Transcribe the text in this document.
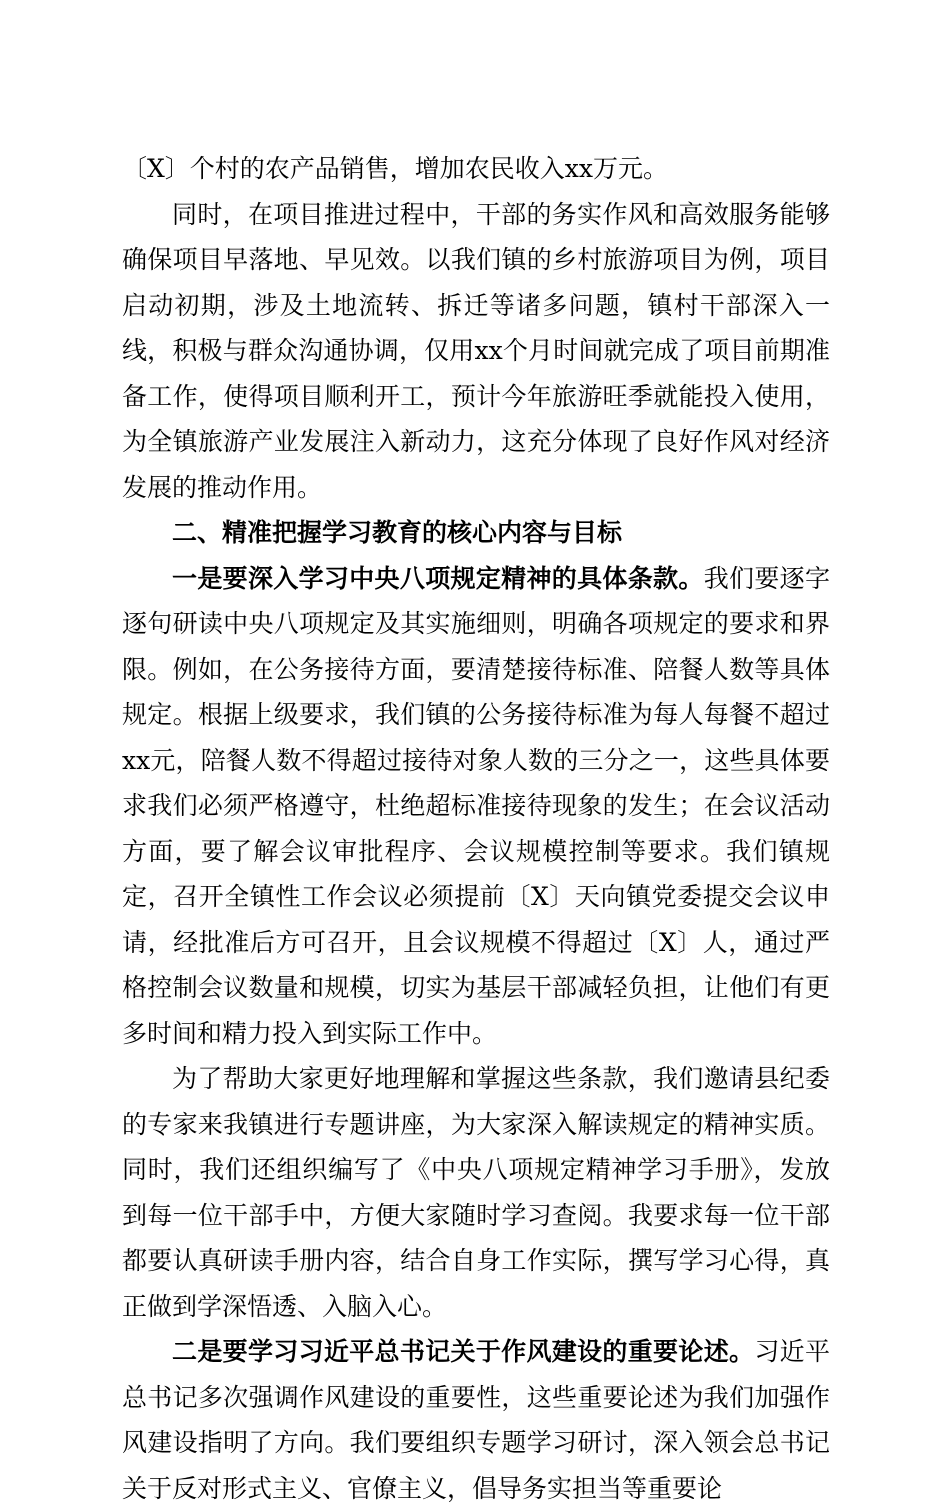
〔X〕个村的农产品销售，增加农民收入xx万元。

同时，在项目推进过程中，干部的务实作风和高效服务能够确保项目早落地、早见效。以我们镇的乡村旅游项目为例，项目启动初期，涉及土地流转、拆迁等诸多问题，镇村干部深入一线，积极与群众沟通协调，仅用xx个月时间就完成了项目前期准备工作，使得项目顺利开工，预计今年旅游旺季就能投入使用，为全镇旅游产业发展注入新动力，这充分体现了良好作风对经济发展的推动作用。

二、精准把握学习教育的核心内容与目标

一是要深入学习中央八项规定精神的具体条款。我们要逐字逐句研读中央八项规定及其实施细则，明确各项规定的要求和界限。例如，在公务接待方面，要清楚接待标准、陪餐人数等具体规定。根据上级要求，我们镇的公务接待标准为每人每餐不超过xx元，陪餐人数不得超过接待对象人数的三分之一，这些具体要求我们必须严格遵守，杜绝超标准接待现象的发生；在会议活动方面，要了解会议审批程序、会议规模控制等要求。我们镇规定，召开全镇性工作会议必须提前〔X〕天向镇党委提交会议申请，经批准后方可召开，且会议规模不得超过〔X〕人，通过严格控制会议数量和规模，切实为基层干部减轻负担，让他们有更多时间和精力投入到实际工作中。

为了帮助大家更好地理解和掌握这些条款，我们邀请县纪委的专家来我镇进行专题讲座，为大家深入解读规定的精神实质。同时，我们还组织编写了《中央八项规定精神学习手册》，发放到每一位干部手中，方便大家随时学习查阅。我要求每一位干部都要认真研读手册内容，结合自身工作实际，撰写学习心得，真正做到学深悟透、入脑入心。

二是要学习习近平总书记关于作风建设的重要论述。习近平总书记多次强调作风建设的重要性，这些重要论述为我们加强作风建设指明了方向。我们要组织专题学习研讨，深入领会总书记关于反对形式主义、官僚主义，倡导务实担当等重要论
